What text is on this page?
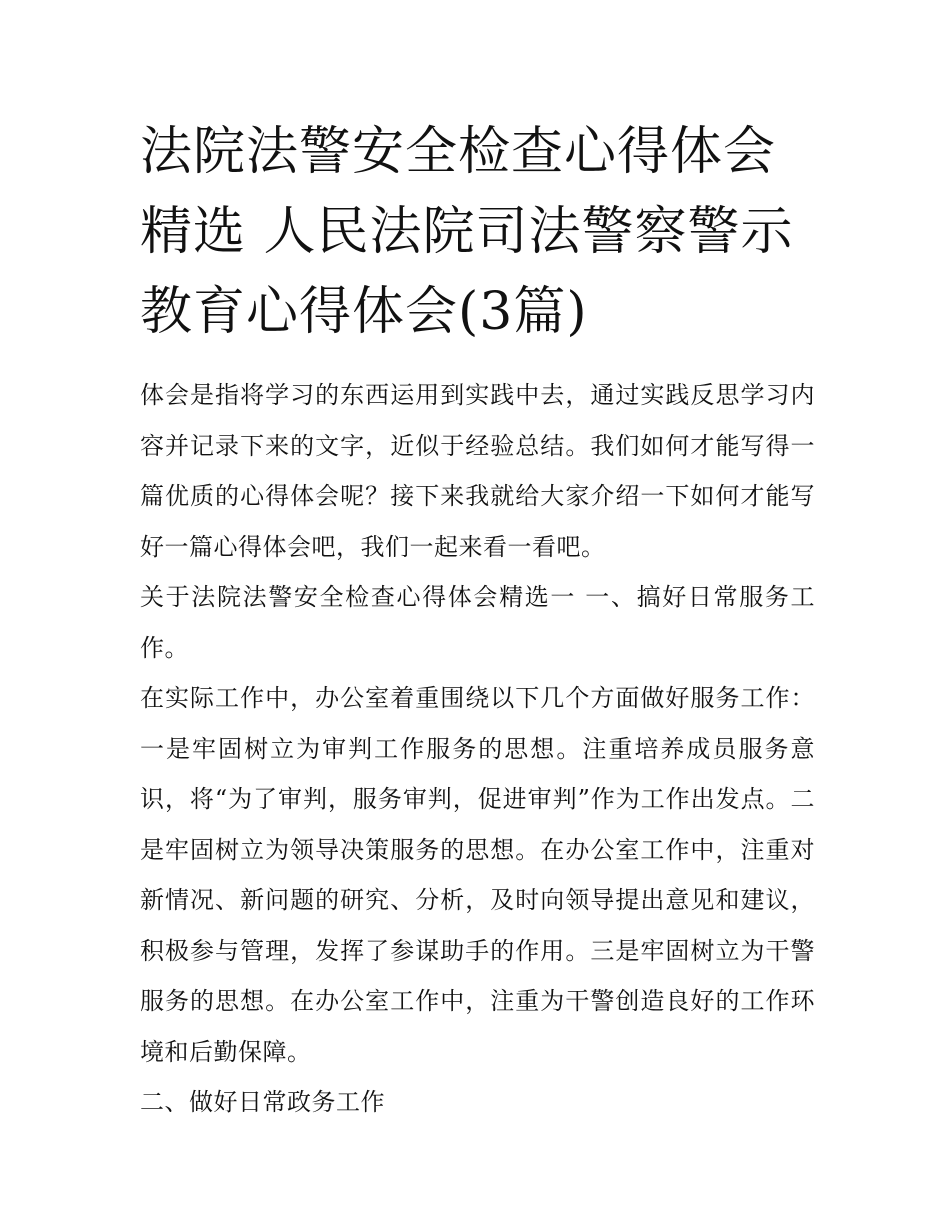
法院法警安全检查心得体会精选 人民法院司法警察警示教育心得体会(3篇)

体会是指将学习的东西运用到实践中去，通过实践反思学习内容并记录下来的文字，近似于经验总结。我们如何才能写得一篇优质的心得体会呢？接下来我就给大家介绍一下如何才能写好一篇心得体会吧，我们一起来看一看吧。

关于法院法警安全检查心得体会精选一 一、搞好日常服务工作。

在实际工作中，办公室着重围绕以下几个方面做好服务工作：一是牢固树立为审判工作服务的思想。注重培养成员服务意识，将“为了审判，服务审判，促进审判”作为工作出发点。二是牢固树立为领导决策服务的思想。在办公室工作中，注重对新情况、新问题的研究、分析，及时向领导提出意见和建议，积极参与管理，发挥了参谋助手的作用。三是牢固树立为干警服务的思想。在办公室工作中，注重为干警创造良好的工作环境和后勤保障。

二、做好日常政务工作
